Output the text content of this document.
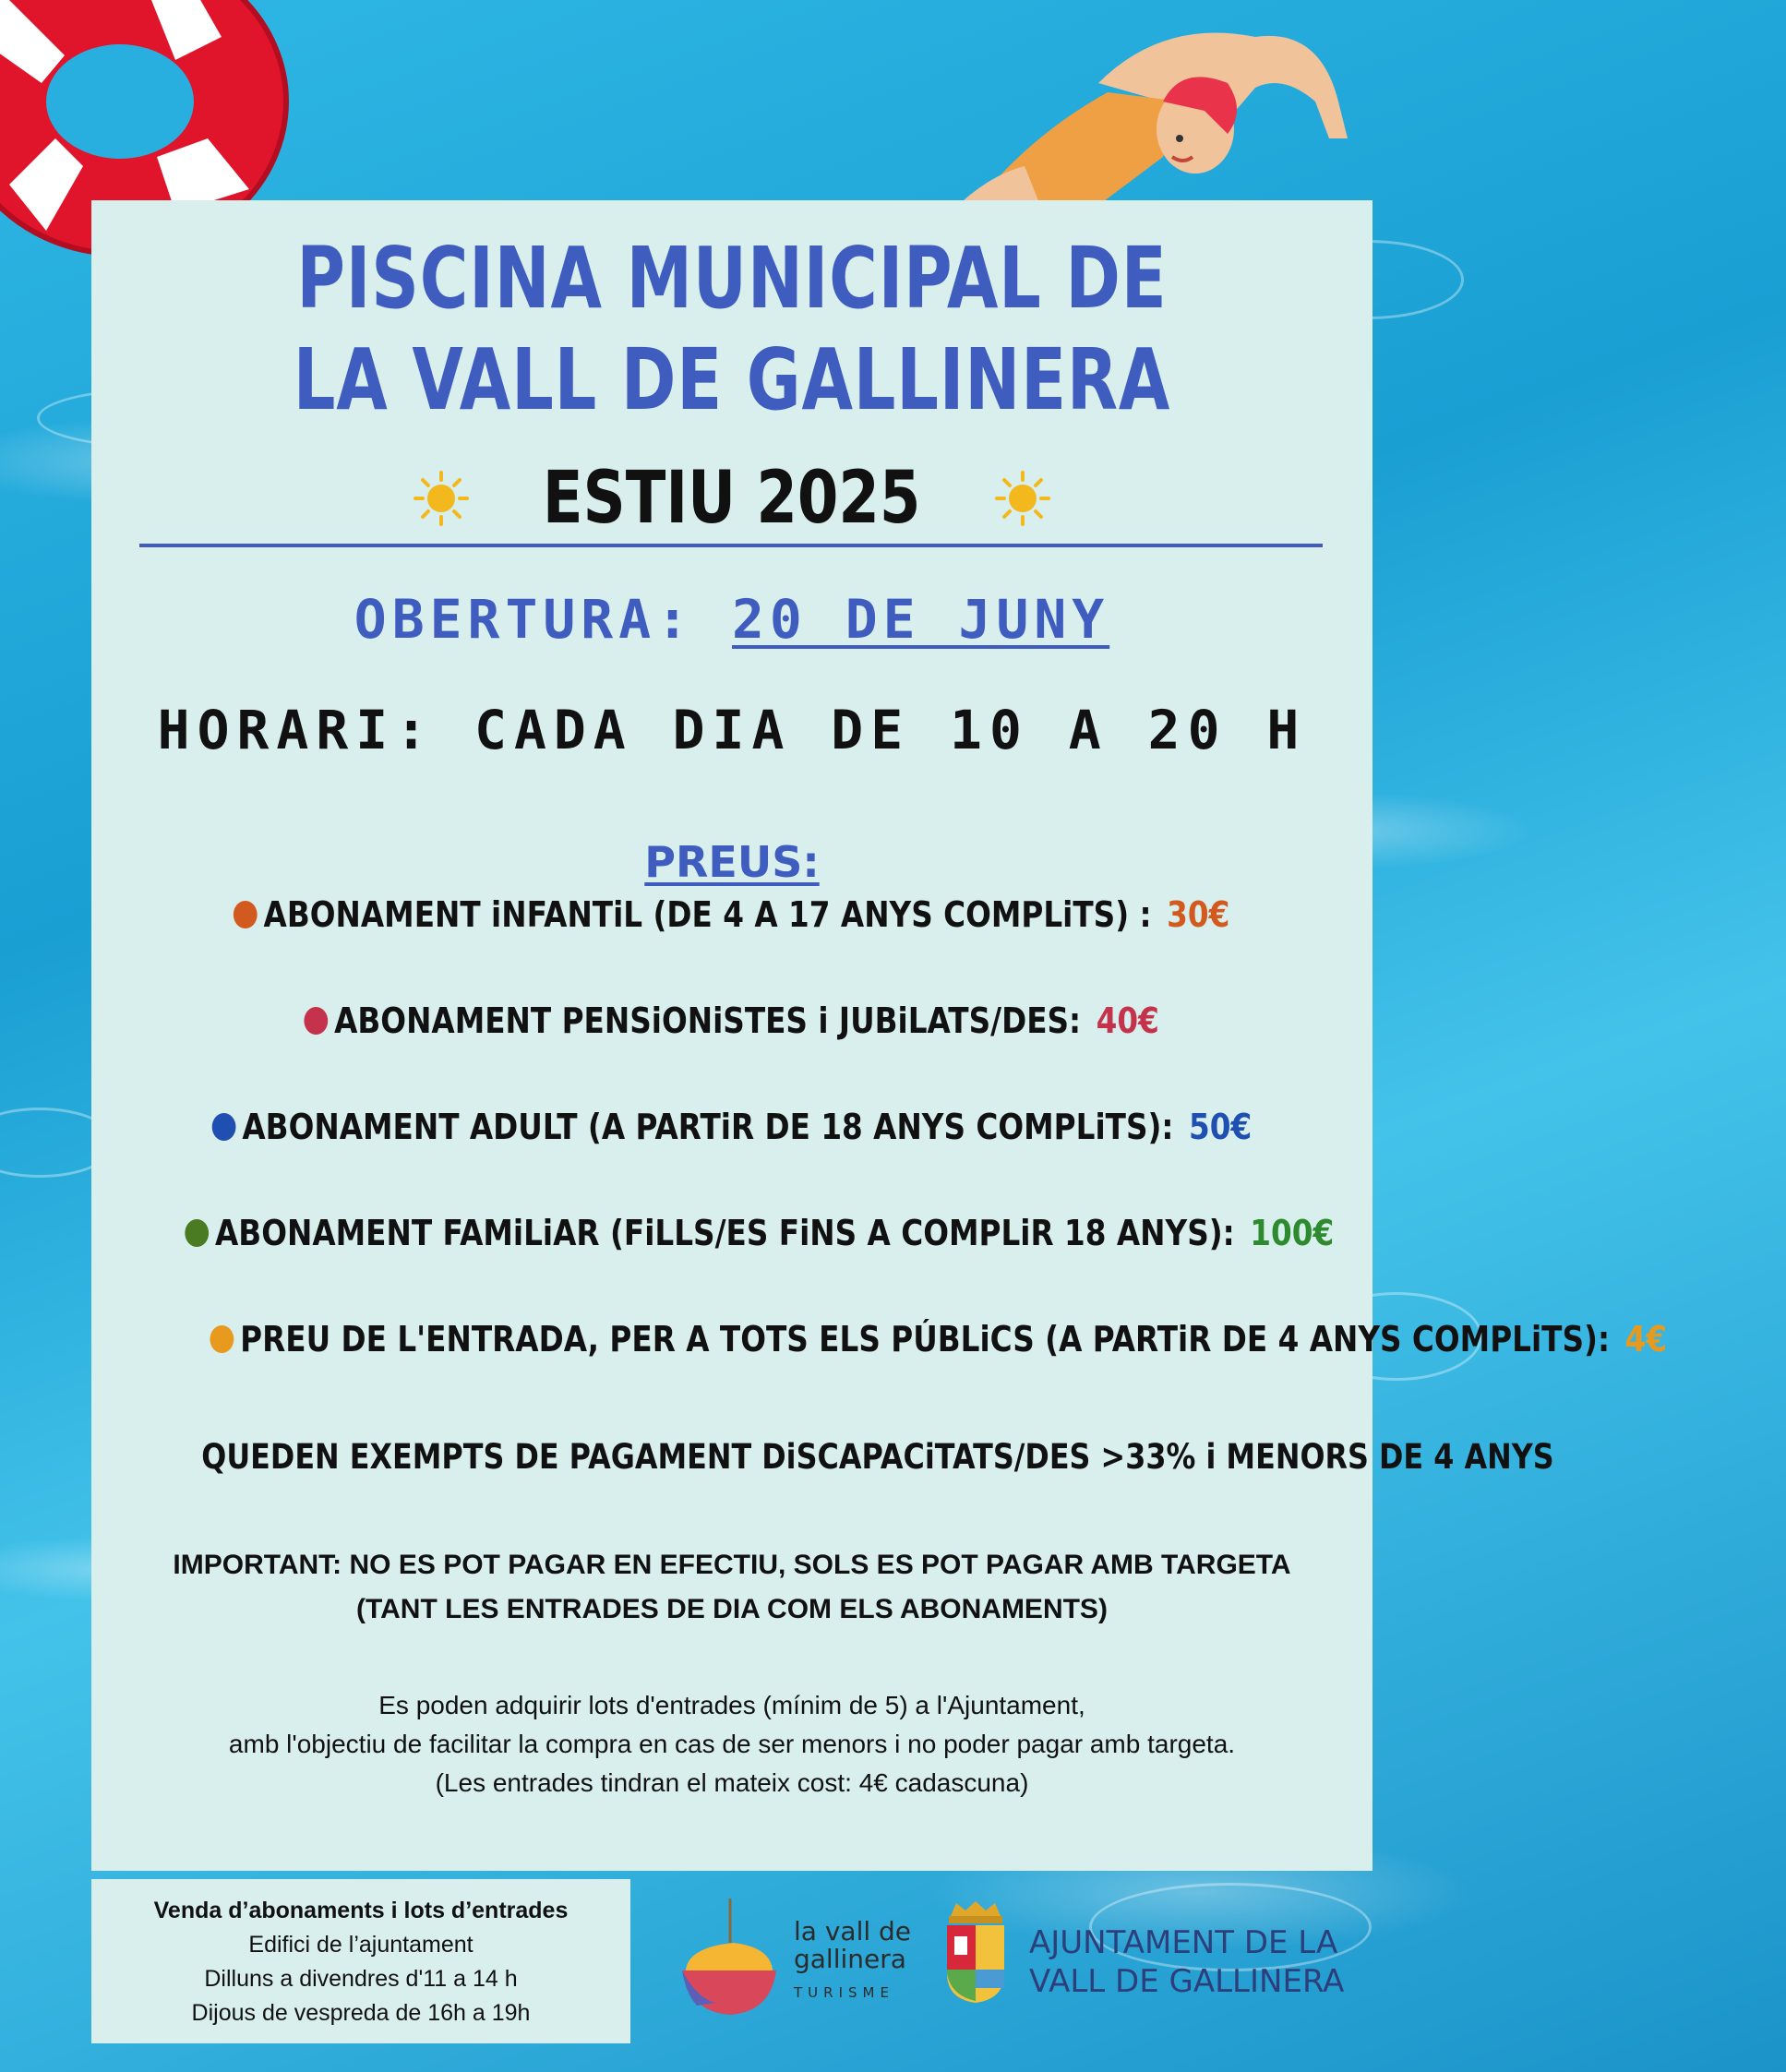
PISCINA MUNICIPAL DE
LA VALL DE GALLINERA
ESTIU 2025
OBERTURA: 20 DE JUNY
HORARI: CADA DIA DE 10 A 20 H
PREUS:
ABONAMENT iNFANTiL (DE 4 A 17 ANYS COMPLiTS) : 30€
ABONAMENT PENSiONiSTES i JUBiLATS/DES: 40€
ABONAMENT ADULT (A PARTiR DE 18 ANYS COMPLiTS): 50€
ABONAMENT FAMiLiAR (FiLLS/ES FiNS A COMPLiR 18 ANYS): 100€
PREU DE L'ENTRADA, PER A TOTS ELS PÚBLiCS (A PARTiR DE 4 ANYS COMPLiTS): 4€
QUEDEN EXEMPTS DE PAGAMENT DiSCAPACiTATS/DES >33% i MENORS DE 4 ANYS
IMPORTANT: NO ES POT PAGAR EN EFECTIU, SOLS ES POT PAGAR AMB TARGETA
(TANT LES ENTRADES DE DIA COM ELS ABONAMENTS)
Es poden adquirir lots d'entrades (mínim de 5) a l'Ajuntament,
amb l'objectiu de facilitar la compra en cas de ser menors i no poder pagar amb targeta.
(Les entrades tindran el mateix cost: 4€ cadascuna)
Venda d’abonaments i lots d’entrades
Edifici de l’ajuntament
Dilluns a divendres d'11 a 14 h
Dijous de vespreda de 16h a 19h
la vall de
gallinera
TURISME
AJUNTAMENT DE LA
VALL DE GALLINERA
